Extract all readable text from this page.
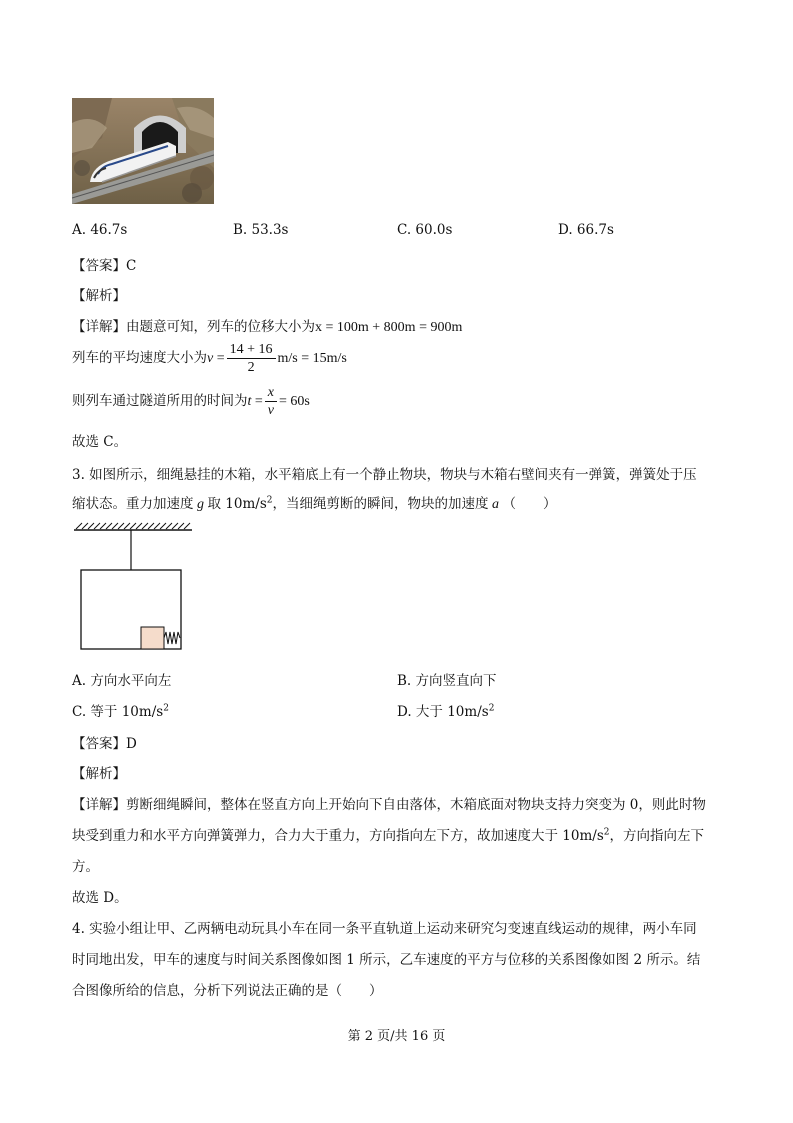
A. 46.7s	B. 53.3s	C. 60.0s	D. 66.7s
【答案】C
【解析】
【详解】由题意可知，列车的位移大小为x = 100m + 800m = 900m
列车的平均速度大小为$v = \frac{14 + 16}{2} m/s = 15m/s$
则列车通过隧道所用的时间为$t = \frac{x}{v} = 60s$
故选 C。
3. 如图所示，细绳悬挂的木箱，水平箱底上有一个静止物块，物块与木箱右壁间夹有一弹簧，弹簧处于压
缩状态。重力加速度 g 取 $10m/s^2$，当细绳剪断的瞬间，物块的加速度 a （　　）
A. 方向水平向左	B. 方向竖直向下
C. 等于 $10m/s^2$	D. 大于 $10m/s^2$
【答案】D
【解析】
【详解】剪断细绳瞬间，整体在竖直方向上开始向下自由落体，木箱底面对物块支持力突变为 0，则此时物
块受到重力和水平方向弹簧弹力，合力大于重力，方向指向左下方，故加速度大于 $10m/s^2$，方向指向左下
方。
故选 D。
4. 实验小组让甲、乙两辆电动玩具小车在同一条平直轨道上运动来研究匀变速直线运动的规律，两小车同
时同地出发，甲车的速度与时间关系图像如图 1 所示，乙车速度的平方与位移的关系图像如图 2 所示。结
合图像所给的信息，分析下列说法正确的是（　　）
第 2 页/共 16 页
